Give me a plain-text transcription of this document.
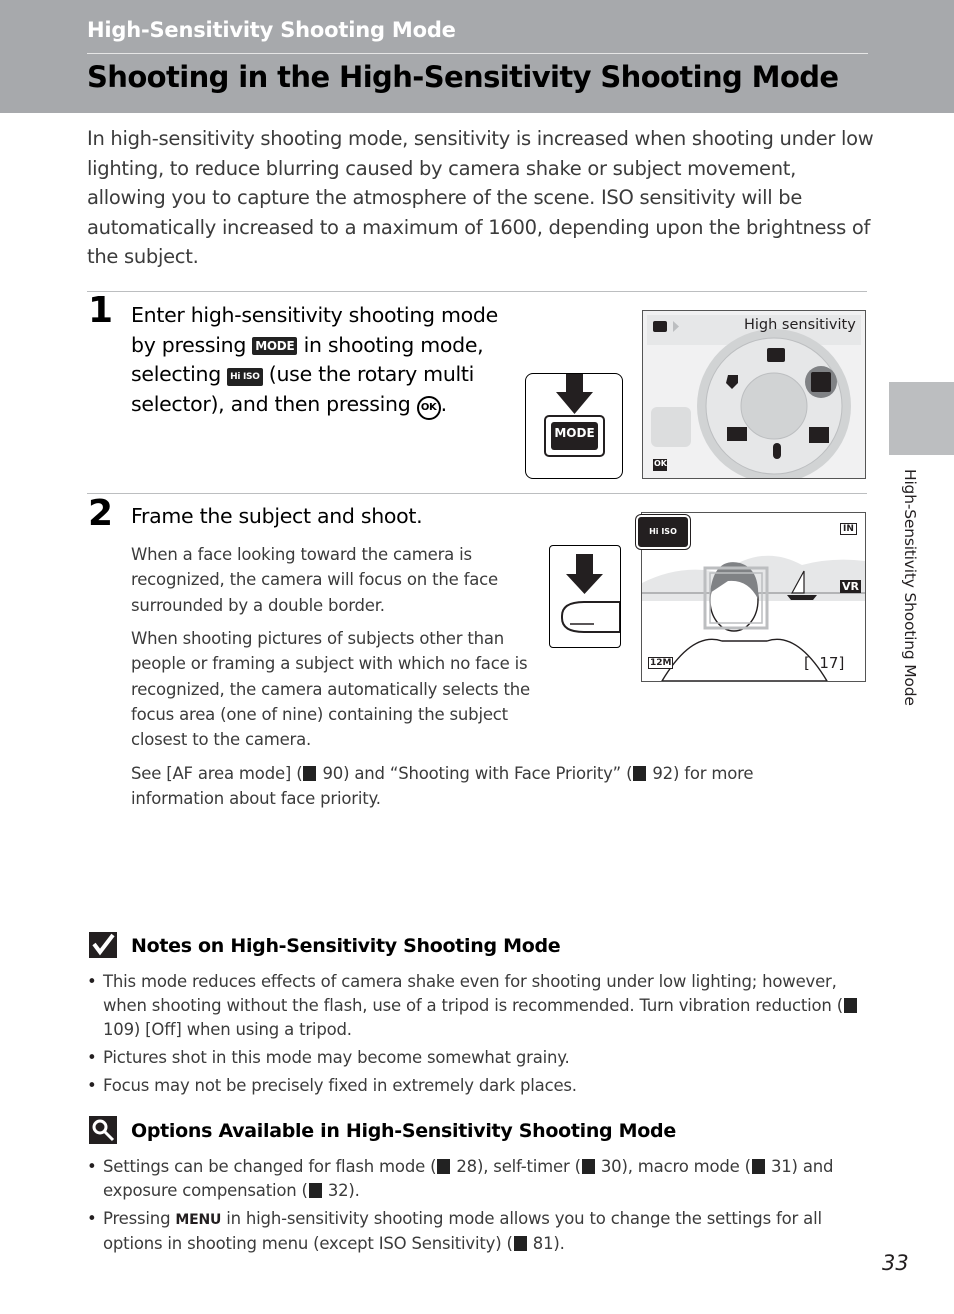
High-Sensitivity Shooting Mode
Shooting in the High-Sensitivity Shooting Mode

In high-sensitivity shooting mode, sensitivity is increased when shooting under low lighting, to reduce blurring caused by camera shake or subject movement, allowing you to capture the atmosphere of the scene. ISO sensitivity will be automatically increased to a maximum of 1600, depending upon the brightness of the subject.

1 Enter high-sensitivity shooting mode by pressing MODE in shooting mode, selecting Hi ISO (use the rotary multi selector), and then pressing OK .
MODE
High sensitivity
OK
2 Frame the subject and shoot.

When a face looking toward the camera is recognized, the camera will focus on the face surrounded by a double border.

When shooting pictures of subjects other than people or framing a subject with which no face is recognized, the camera automatically selects the focus area (one of nine) containing the subject closest to the camera.

See [AF area mode] ( 90) and “Shooting with Face Priority” ( 92) for more information about face priority.

Hi ISO	IN
VR
12M	[  17]
Notes on High-Sensitivity Shooting Mode
• This mode reduces effects of camera shake even for shooting under low lighting; however, when shooting without the flash, use of a tripod is recommended. Turn vibration reduction ( 109) [Off] when using a tripod.
• Pictures shot in this mode may become somewhat grainy.
• Focus may not be precisely fixed in extremely dark places.
Options Available in High-Sensitivity Shooting Mode
• Settings can be changed for flash mode ( 28), self-timer ( 30), macro mode ( 31) and exposure compensation ( 32).
• Pressing MENU in high-sensitivity shooting mode allows you to change the settings for all options in shooting menu (except ISO Sensitivity) ( 81).
High-Sensitivity Shooting Mode
33
